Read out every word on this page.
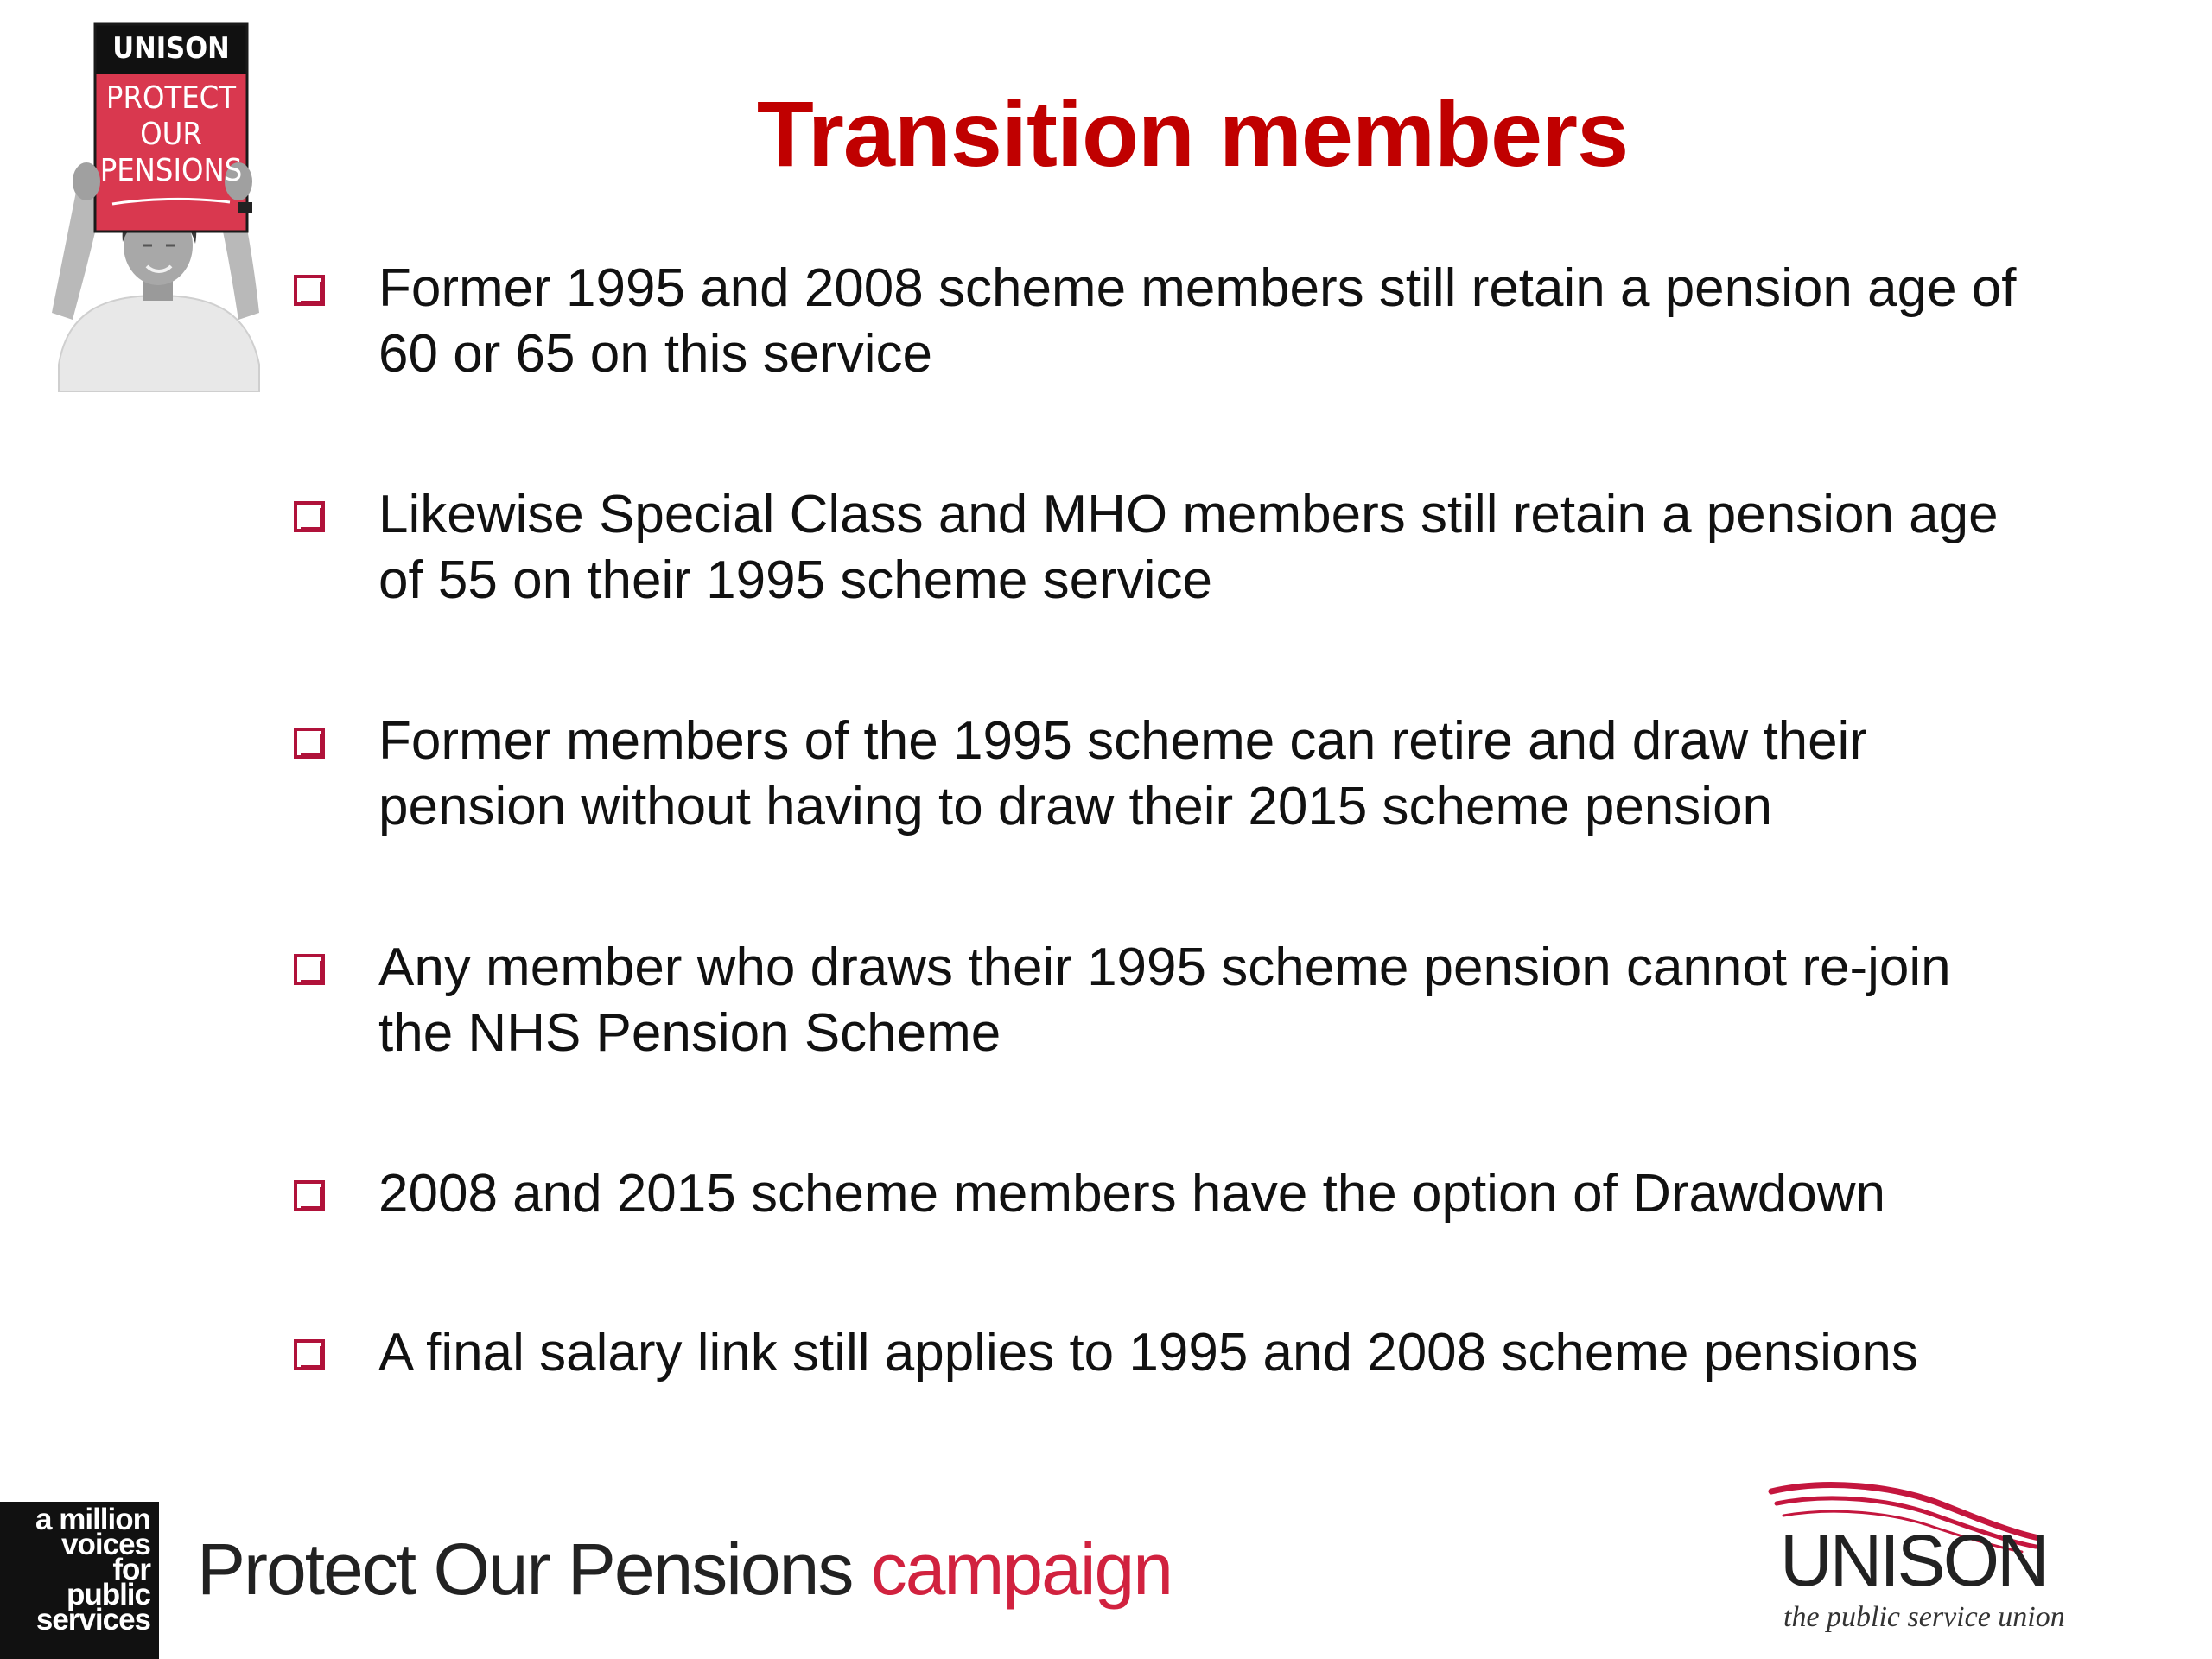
UNISON
PROTECT
OUR
PENSIONS	Transition members
Former 1995 and 2008 scheme members still retain a pension age of
60 or 65 on this service
Likewise Special Class and MHO members still retain a pension age
of 55 on their 1995 scheme service
Former members of the 1995 scheme can retire and draw their
pension without having to draw their 2015 scheme pension
Any member who draws their 1995 scheme pension cannot re-join
the NHS Pension Scheme
2008 and 2015 scheme members have the option of Drawdown
A final salary link still applies to 1995 and 2008 scheme pensions
a million
voices
for
public
services
Protect Our Pensions campaign	UNISON
the public service union
